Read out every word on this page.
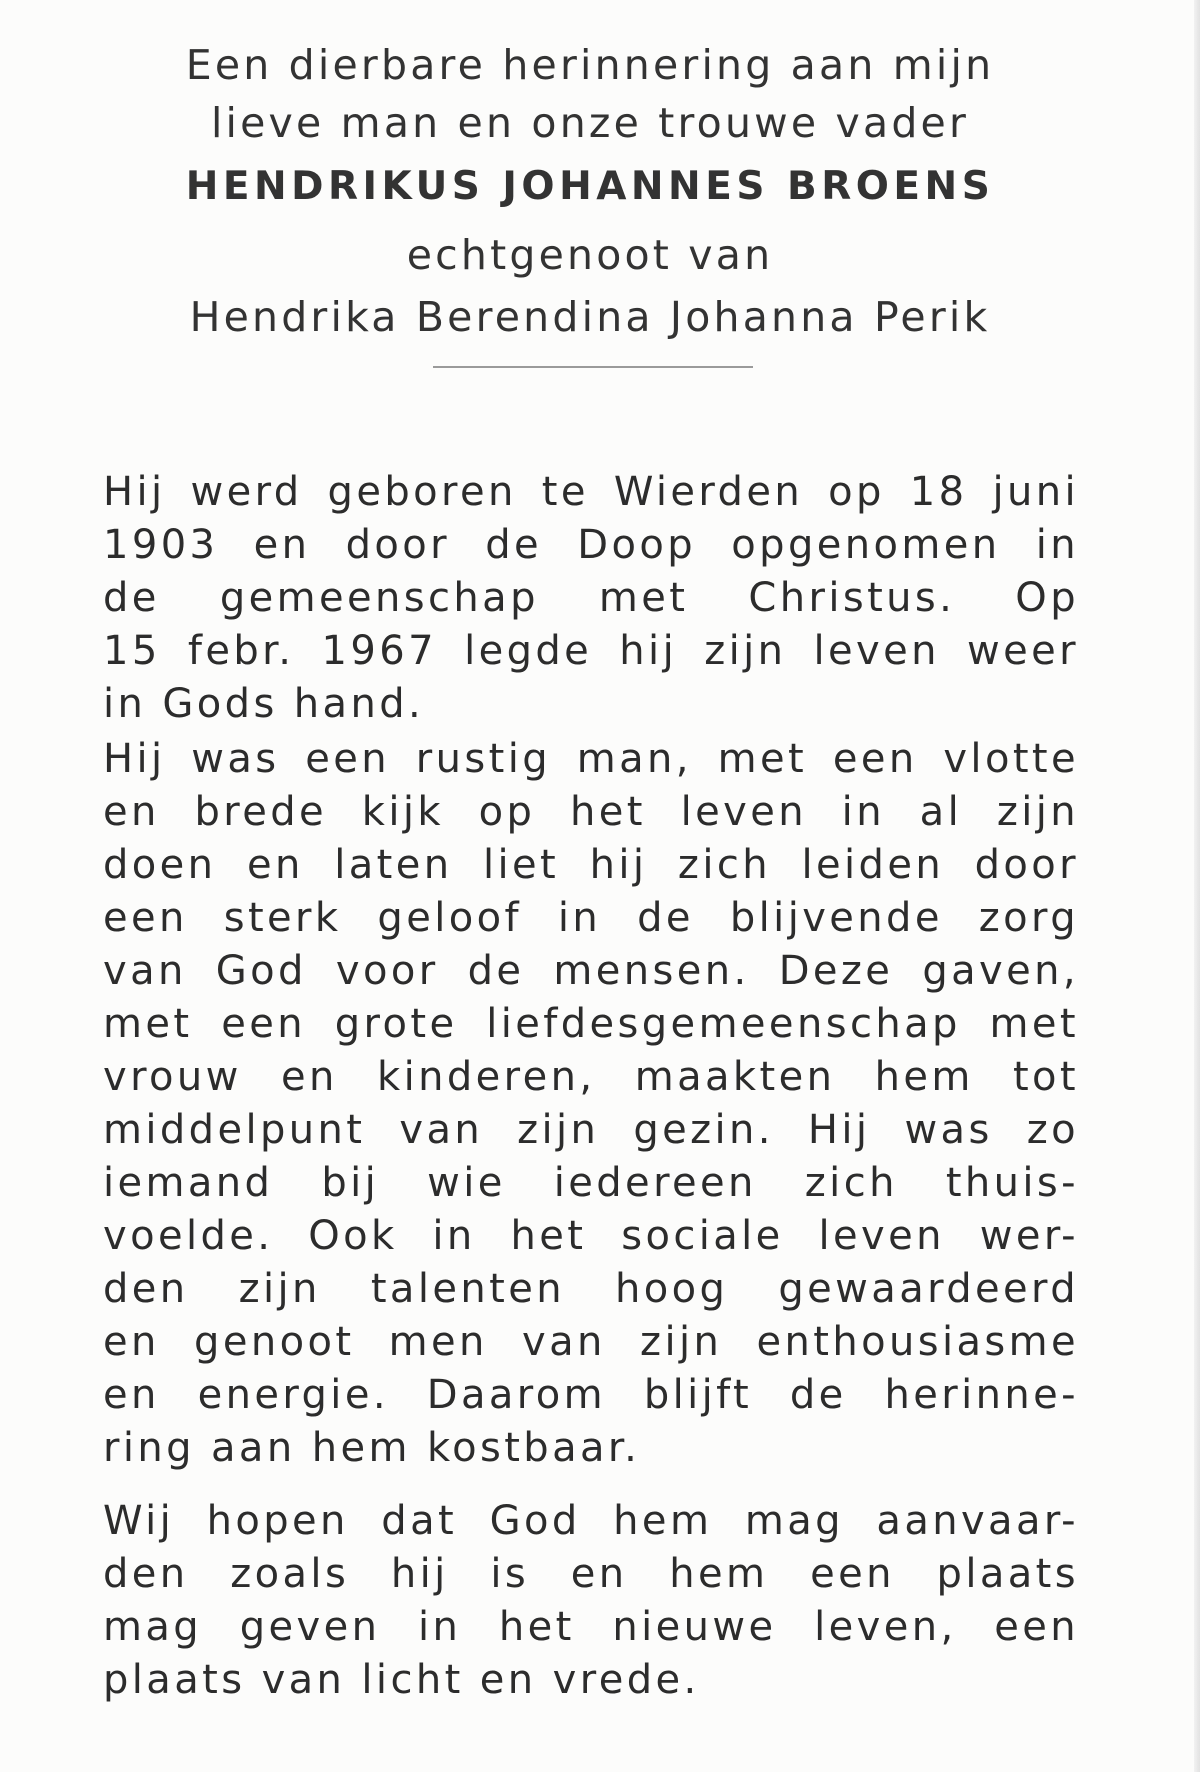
Een dierbare herinnering aan mijn
lieve man en onze trouwe vader
HENDRIKUS JOHANNES BROENS
echtgenoot van
Hendrika Berendina Johanna Perik
Hij werd geboren te Wierden op 18 juni
1903 en door de Doop opgenomen in
de gemeenschap met Christus. Op
15 febr. 1967 legde hij zijn leven weer
in Gods hand.
Hij was een rustig man, met een vlotte
en brede kijk op het leven in al zijn
doen en laten liet hij zich leiden door
een sterk geloof in de blijvende zorg
van God voor de mensen. Deze gaven,
met een grote liefdesgemeenschap met
vrouw en kinderen, maakten hem tot
middelpunt van zijn gezin. Hij was zo
iemand bij wie iedereen zich thuis-
voelde. Ook in het sociale leven wer-
den zijn talenten hoog gewaardeerd
en genoot men van zijn enthousiasme
en energie. Daarom blijft de herinne-
ring aan hem kostbaar.
Wij hopen dat God hem mag aanvaar-
den zoals hij is en hem een plaats
mag geven in het nieuwe leven, een
plaats van licht en vrede.
